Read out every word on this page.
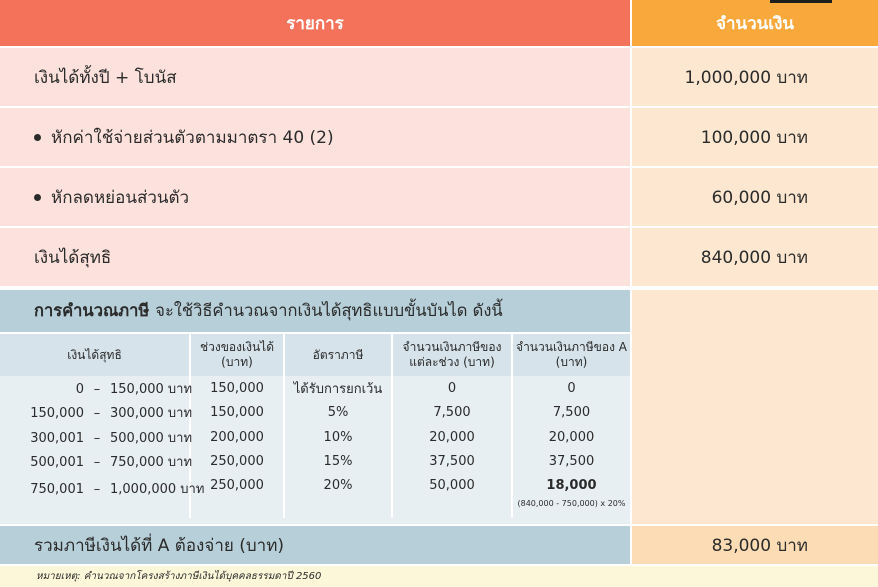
รายการ	จำนวนเงิน
เงินได้ทั้งปี + โบนัส	1,000,000 บาท
หักค่าใช้จ่ายส่วนตัวตามมาตรา 40 (2)	100,000 บาท
หักลดหย่อนส่วนตัว	60,000 บาท
เงินได้สุทธิ	840,000 บาท
การคำนวณภาษี จะใช้วิธีคำนวณจากเงินได้สุทธิแบบขั้นบันได ดังนี้
เงินได้สุทธิ	ช่วงของเงินได้ (บาท)	อัตราภาษี	จำนวนเงินภาษีของแต่ละช่วง (บาท)	จำนวนเงินภาษีของ A (บาท)
0 – 150,000 บาท	150,000	ได้รับการยกเว้น	0	0
150,000 – 300,000 บาท	150,000	5%	7,500	7,500
300,001 – 500,000 บาท	200,000	10%	20,000	20,000
500,001 – 750,000 บาท	250,000	15%	37,500	37,500
750,001 – 1,000,000 บาท	250,000	20%	50,000	18,000
(840,000 - 750,000) x 20%
รวมภาษีเงินได้ที่ A ต้องจ่าย (บาท)	83,000 บาท
หมายเหตุ: คำนวณจากโครงสร้างภาษีเงินได้บุคคลธรรมดาปี 2560
